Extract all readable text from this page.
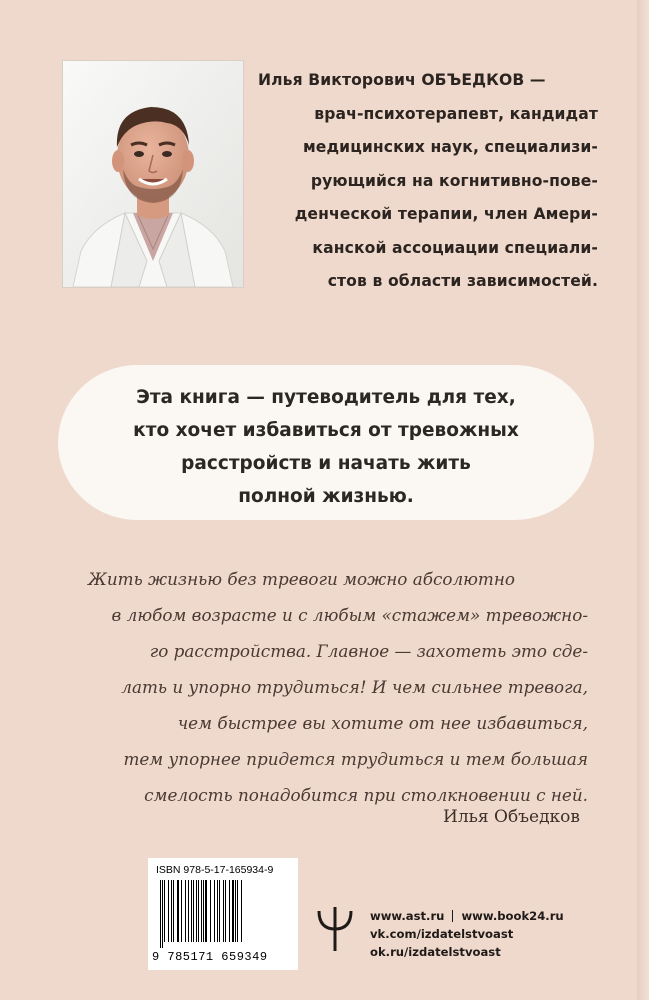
Илья Викторович ОБЪЕДКОВ —
врач-психотерапевт, кандидат
медицинских наук, специализи-
рующийся на когнитивно-пове-
денческой терапии, член Амери-
канской ассоциации специали-
стов в области зависимостей.
Эта книга — путеводитель для тех,
кто хочет избавиться от тревожных
расстройств и начать жить
полной жизнью.
Жить жизнью без тревоги можно абсолютно
в любом возрасте и с любым «стажем» тревожно-
го расстройства. Главное — захотеть это сде-
лать и упорно трудиться! И чем сильнее тревога,
чем быстрее вы хотите от нее избавиться,
тем упорнее придется трудиться и тем большая
смелость понадобится при столкновении с ней.
Илья Объедков
ISBN 978-5-17-165934-9
9 785171 659349
www.ast.ru www.book24.ru
vk.com/izdatelstvoast
ok.ru/izdatelstvoast
